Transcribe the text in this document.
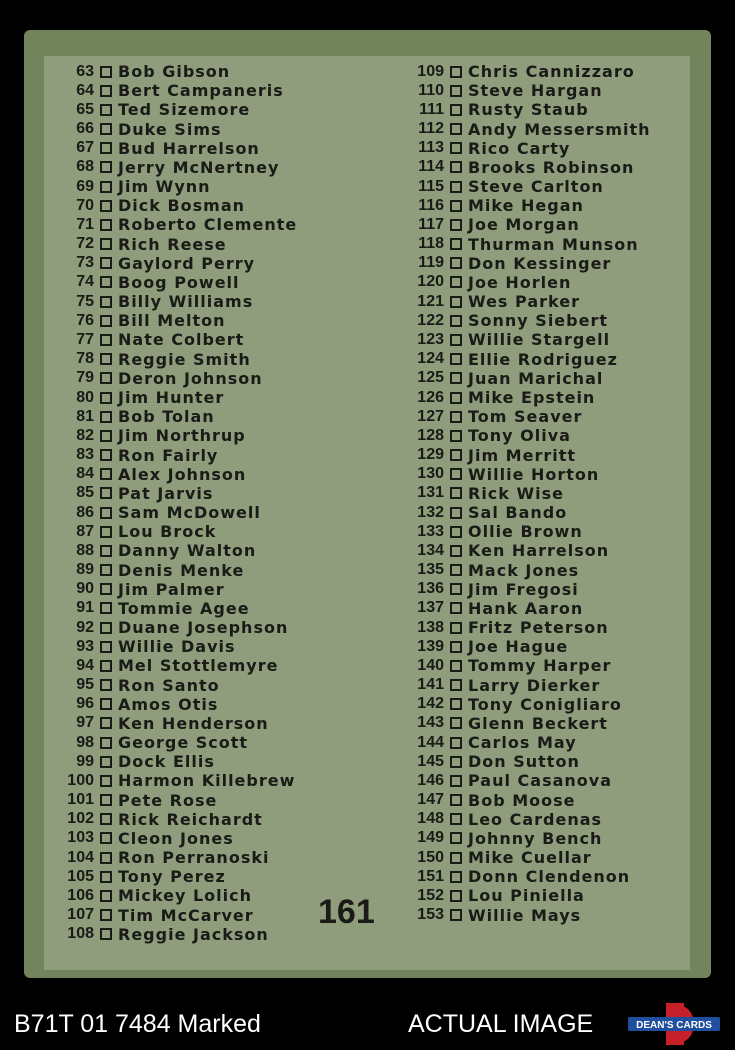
63 Bob Gibson
64 Bert Campaneris
65 Ted Sizemore
66 Duke Sims
67 Bud Harrelson
68 Jerry McNertney
69 Jim Wynn
70 Dick Bosman
71 Roberto Clemente
72 Rich Reese
73 Gaylord Perry
74 Boog Powell
75 Billy Williams
76 Bill Melton
77 Nate Colbert
78 Reggie Smith
79 Deron Johnson
80 Jim Hunter
81 Bob Tolan
82 Jim Northrup
83 Ron Fairly
84 Alex Johnson
85 Pat Jarvis
86 Sam McDowell
87 Lou Brock
88 Danny Walton
89 Denis Menke
90 Jim Palmer
91 Tommie Agee
92 Duane Josephson
93 Willie Davis
94 Mel Stottlemyre
95 Ron Santo
96 Amos Otis
97 Ken Henderson
98 George Scott
99 Dock Ellis
100 Harmon Killebrew
101 Pete Rose
102 Rick Reichardt
103 Cleon Jones
104 Ron Perranoski
105 Tony Perez
106 Mickey Lolich
107 Tim McCarver
108 Reggie Jackson
109 Chris Cannizzaro
110 Steve Hargan
111 Rusty Staub
112 Andy Messersmith
113 Rico Carty
114 Brooks Robinson
115 Steve Carlton
116 Mike Hegan
117 Joe Morgan
118 Thurman Munson
119 Don Kessinger
120 Joe Horlen
121 Wes Parker
122 Sonny Siebert
123 Willie Stargell
124 Ellie Rodriguez
125 Juan Marichal
126 Mike Epstein
127 Tom Seaver
128 Tony Oliva
129 Jim Merritt
130 Willie Horton
131 Rick Wise
132 Sal Bando
133 Ollie Brown
134 Ken Harrelson
135 Mack Jones
136 Jim Fregosi
137 Hank Aaron
138 Fritz Peterson
139 Joe Hague
140 Tommy Harper
141 Larry Dierker
142 Tony Conigliaro
143 Glenn Beckert
144 Carlos May
145 Don Sutton
146 Paul Casanova
147 Bob Moose
148 Leo Cardenas
149 Johnny Bench
150 Mike Cuellar
151 Donn Clendenon
152 Lou Piniella
153 Willie Mays
161
B71T 01 7484 Marked	ACTUAL IMAGE	DEAN'S CARDS
